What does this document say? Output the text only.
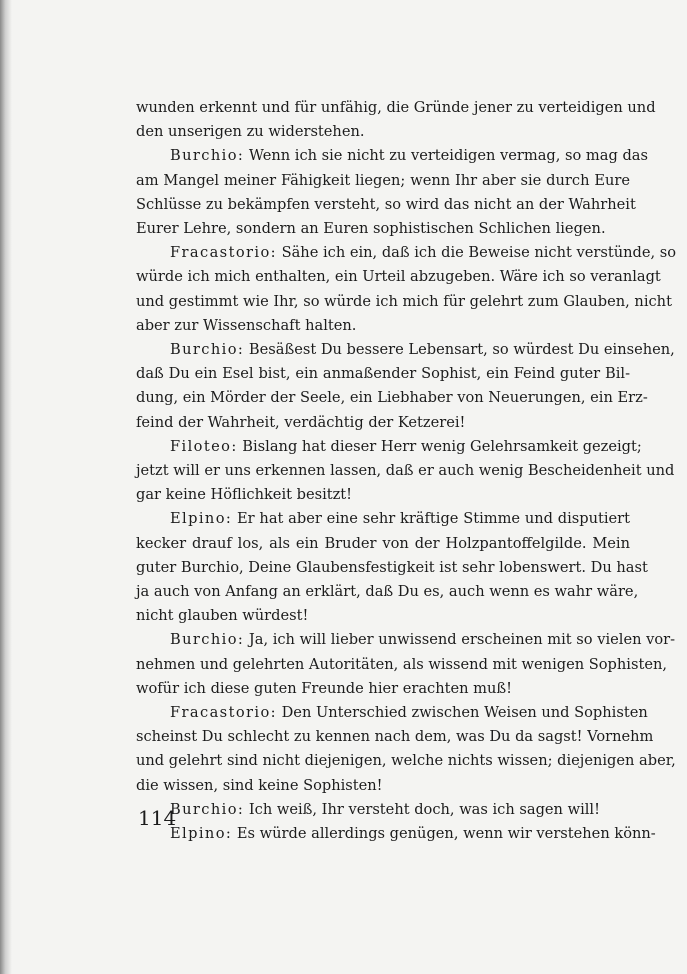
wunden erkennt und für unfähig, die Gründe jener zu verteidigen und
den unserigen zu widerstehen.
Burchio: Wenn ich sie nicht zu verteidigen vermag, so mag das
am Mangel meiner Fähigkeit liegen; wenn Ihr aber sie durch Eure
Schlüsse zu bekämpfen versteht, so wird das nicht an der Wahrheit
Eurer Lehre, sondern an Euren sophistischen Schlichen liegen.
Fracastorio: Sähe ich ein, daß ich die Beweise nicht verstünde, so
würde ich mich enthalten, ein Urteil abzugeben. Wäre ich so veranlagt
und gestimmt wie Ihr, so würde ich mich für gelehrt zum Glauben, nicht
aber zur Wissenschaft halten.
Burchio: Besäßest Du bessere Lebensart, so würdest Du einsehen,
daß Du ein Esel bist, ein anmaßender Sophist, ein Feind guter Bil-
dung, ein Mörder der Seele, ein Liebhaber von Neuerungen, ein Erz-
feind der Wahrheit, verdächtig der Ketzerei!
Filoteo: Bislang hat dieser Herr wenig Gelehrsamkeit gezeigt;
jetzt will er uns erkennen lassen, daß er auch wenig Bescheidenheit und
gar keine Höflichkeit besitzt!
Elpino: Er hat aber eine sehr kräftige Stimme und disputiert
kecker drauf los, als ein Bruder von der Holzpantoffelgilde. Mein
guter Burchio, Deine Glaubensfestigkeit ist sehr lobenswert. Du hast
ja auch von Anfang an erklärt, daß Du es, auch wenn es wahr wäre,
nicht glauben würdest!
Burchio: Ja, ich will lieber unwissend erscheinen mit so vielen vor-
nehmen und gelehrten Autoritäten, als wissend mit wenigen Sophisten,
wofür ich diese guten Freunde hier erachten muß!
Fracastorio: Den Unterschied zwischen Weisen und Sophisten
scheinst Du schlecht zu kennen nach dem, was Du da sagst! Vornehm
und gelehrt sind nicht diejenigen, welche nichts wissen; diejenigen aber,
die wissen, sind keine Sophisten!
Burchio: Ich weiß, Ihr versteht doch, was ich sagen will!
Elpino: Es würde allerdings genügen, wenn wir verstehen könn-
114
